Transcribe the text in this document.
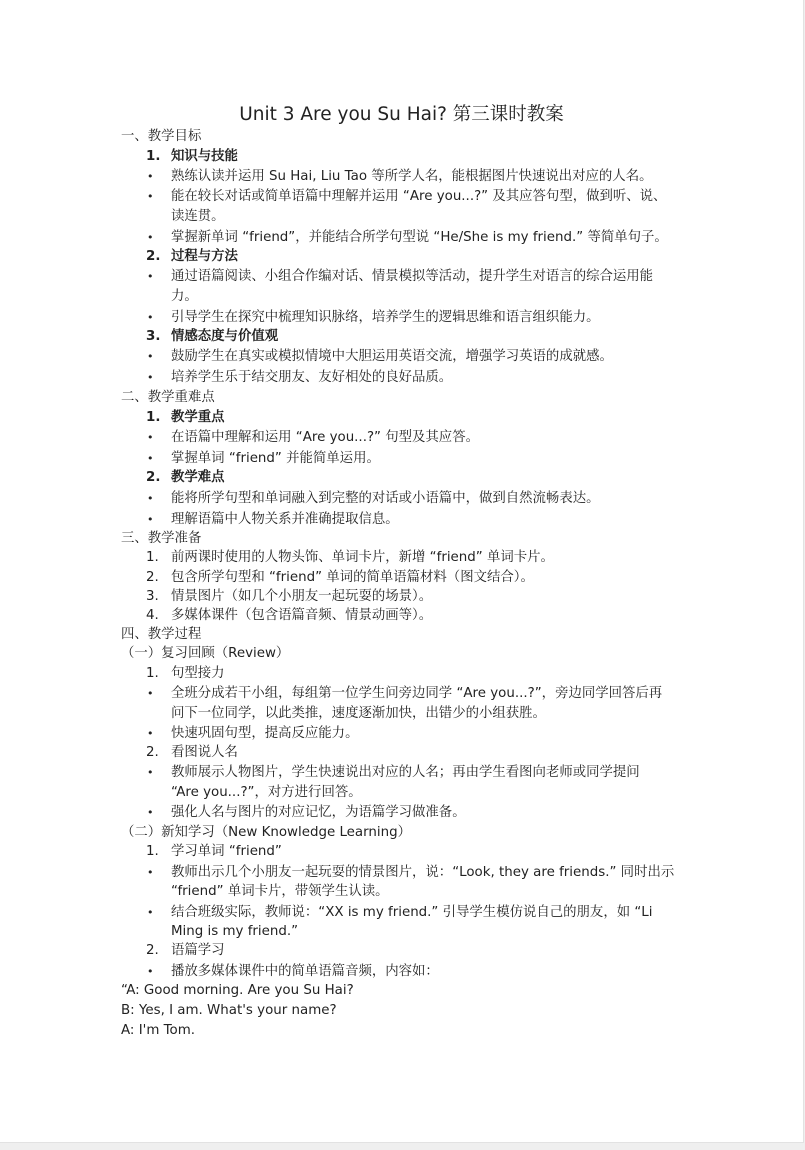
Unit 3 Are you Su Hai? 第三课时教案
一、教学目标
1. 知识与技能
• 熟练认读并运用 Su Hai, Liu Tao 等所学人名，能根据图片快速说出对应的人名。
• 能在较长对话或简单语篇中理解并运用 “Are you...?” 及其应答句型，做到听、说、
读连贯。
• 掌握新单词 “friend”，并能结合所学句型说 “He/She is my friend.” 等简单句子。
2. 过程与方法
• 通过语篇阅读、小组合作编对话、情景模拟等活动，提升学生对语言的综合运用能
力。
• 引导学生在探究中梳理知识脉络，培养学生的逻辑思维和语言组织能力。
3. 情感态度与价值观
• 鼓励学生在真实或模拟情境中大胆运用英语交流，增强学习英语的成就感。
• 培养学生乐于结交朋友、友好相处的良好品质。
二、教学重难点
1. 教学重点
• 在语篇中理解和运用 “Are you...?” 句型及其应答。
• 掌握单词 “friend” 并能简单运用。
2. 教学难点
• 能将所学句型和单词融入到完整的对话或小语篇中，做到自然流畅表达。
• 理解语篇中人物关系并准确提取信息。
三、教学准备
1. 前两课时使用的人物头饰、单词卡片，新增 “friend” 单词卡片。
2. 包含所学句型和 “friend” 单词的简单语篇材料（图文结合）。
3. 情景图片（如几个小朋友一起玩耍的场景）。
4. 多媒体课件（包含语篇音频、情景动画等）。
四、教学过程
（一）复习回顾（Review）
1. 句型接力
• 全班分成若干小组，每组第一位学生问旁边同学 “Are you...?”，旁边同学回答后再
问下一位同学，以此类推，速度逐渐加快，出错少的小组获胜。
• 快速巩固句型，提高反应能力。
2. 看图说人名
• 教师展示人物图片，学生快速说出对应的人名；再由学生看图向老师或同学提问
“Are you...?”，对方进行回答。
• 强化人名与图片的对应记忆，为语篇学习做准备。
（二）新知学习（New Knowledge Learning）
1. 学习单词 “friend”
• 教师出示几个小朋友一起玩耍的情景图片，说：“Look, they are friends.” 同时出示
“friend” 单词卡片，带领学生认读。
• 结合班级实际，教师说：“XX is my friend.” 引导学生模仿说自己的朋友，如 “Li
Ming is my friend.”
2. 语篇学习
• 播放多媒体课件中的简单语篇音频，内容如：
“A: Good morning. Are you Su Hai?
B: Yes, I am. What's your name?
A: I'm Tom.
